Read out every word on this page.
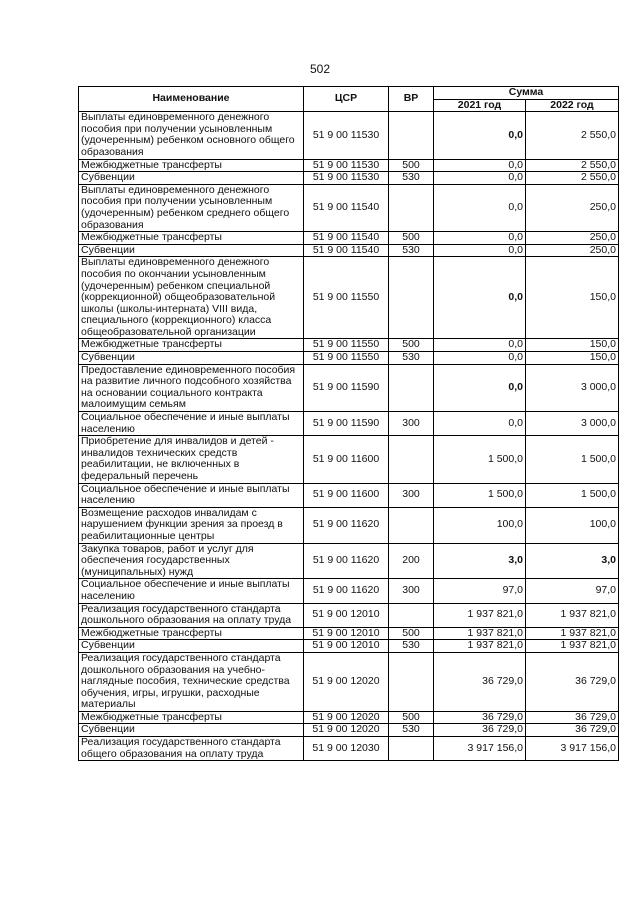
502
Наименование	ЦСР	ВР	Сумма	
			2021 год	2022 год
Выплаты единовременного денежного пособия при получении усыновленным (удочеренным) ребенком основного общего образования	51 9 00 11530		0,0	2 550,0
Межбюджетные трансферты	51 9 00 11530	500	0,0	2 550,0
Субвенции	51 9 00 11530	530	0,0	2 550,0
Выплаты единовременного денежного пособия при получении усыновленным (удочеренным) ребенком среднего общего образования	51 9 00 11540		0,0	250,0
Межбюджетные трансферты	51 9 00 11540	500	0,0	250,0
Субвенции	51 9 00 11540	530	0,0	250,0
Выплаты единовременного денежного пособия по окончании усыновленным (удочеренным) ребенком специальной (коррекционной) общеобразовательной школы (школы-интерната) VIII вида, специального (коррекционного) класса общеобразовательной организации	51 9 00 11550		0,0	150,0
Межбюджетные трансферты	51 9 00 11550	500	0,0	150,0
Субвенции	51 9 00 11550	530	0,0	150,0
Предоставление единовременного пособия на развитие личного подсобного хозяйства на основании социального контракта малоимущим семьям	51 9 00 11590		0,0	3 000,0
Социальное обеспечение и иные выплаты населению	51 9 00 11590	300	0,0	3 000,0
Приобретение для инвалидов и детей - инвалидов технических средств реабилитации, не включенных в федеральный перечень	51 9 00 11600		1 500,0	1 500,0
Социальное обеспечение и иные выплаты населению	51 9 00 11600	300	1 500,0	1 500,0
Возмещение расходов инвалидам с нарушением функции зрения за проезд в реабилитационные центры	51 9 00 11620		100,0	100,0
Закупка товаров, работ и услуг для обеспечения государственных (муниципальных) нужд	51 9 00 11620	200	3,0	3,0
Социальное обеспечение и иные выплаты населению	51 9 00 11620	300	97,0	97,0
Реализация государственного стандарта дошкольного образования на оплату труда	51 9 00 12010		1 937 821,0	1 937 821,0
Межбюджетные трансферты	51 9 00 12010	500	1 937 821,0	1 937 821,0
Субвенции	51 9 00 12010	530	1 937 821,0	1 937 821,0
Реализация государственного стандарта дошкольного образования на учебно-наглядные пособия, технические средства обучения, игры, игрушки, расходные материалы	51 9 00 12020		36 729,0	36 729,0
Межбюджетные трансферты	51 9 00 12020	500	36 729,0	36 729,0
Субвенции	51 9 00 12020	530	36 729,0	36 729,0
Реализация государственного стандарта общего образования на оплату труда	51 9 00 12030		3 917 156,0	3 917 156,0
